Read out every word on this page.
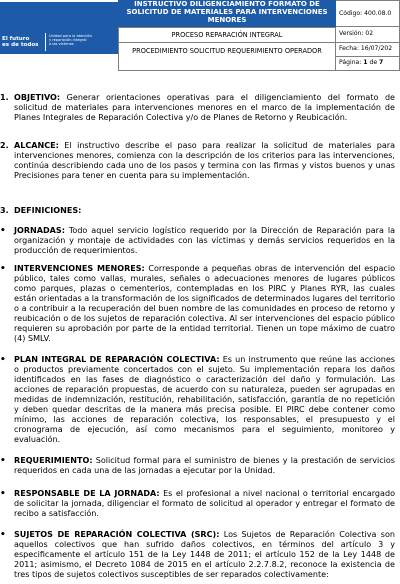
El futuro
es de todos
Unidad para la atención
y reparación integral
a las víctimas
INSTRUCTIVO DILIGENCIAMIENTO FORMATO DE SOLICITUD DE MATERIALES PARA INTERVENCIONES MENORES
PROCESO REPARACIÓN INTEGRAL
PROCEDIMIENTO SOLICITUD REQUERIMIENTO OPERADOR
Código: 400.08.0
Versión: 02
Fecha: 16/07/202
Página: 1 de 7
1. OBJETIVO: Generar orientaciones operativas para el diligenciamiento del formato de solicitud de materiales para intervenciones menores en el marco de la implementación de Planes Integrales de Reparación Colectiva y/o de Planes de Retorno y Reubicación.
2. ALCANCE: El instructivo describe el paso para realizar la solicitud de materiales para intervenciones menores, comienza con la descripción de los criterios para las intervenciones, continúa describiendo cada uno de los pasos y termina con las firmas y vistos buenos y unas Precisiones para tener en cuenta para su implementación.
3. DEFINICIONES:
• JORNADAS: Todo aquel servicio logístico requerido por la Dirección de Reparación para la organización y montaje de actividades con las víctimas y demás servicios requeridos en la producción de requerimientos.
• INTERVENCIONES MENORES: Corresponde a pequeñas obras de intervención del espacio público, tales como vallas, murales, señales o adecuaciones menores de lugares públicos como parques, plazas o cementerios, contempladas en los PIRC y Planes RYR, las cuales están orientadas a la transformación de los significados de determinados lugares del territorio o a contribuir a la recuperación del buen nombre de las comunidades en proceso de retorno y reubicación o de los sujetos de reparación colectiva. Al ser intervenciones del espacio público requieren su aprobación por parte de la entidad territorial. Tienen un tope máximo de cuatro (4) SMLV.
• PLAN INTEGRAL DE REPARACIÓN COLECTIVA: Es un instrumento que reúne las acciones o productos previamente concertados con el sujeto. Su implementación repara los daños identificados en las fases de diagnóstico o caracterización del daño y formulación. Las acciones de reparación propuestas, de acuerdo con su naturaleza, pueden ser agrupadas en medidas de indemnización, restitución, rehabilitación, satisfacción, garantía de no repetición y deben quedar descritas de la manera más precisa posible. El PIRC debe contener como mínimo, las acciones de reparación colectiva, los responsables, el presupuesto y el cronograma de ejecución, así como mecanismos para el seguimiento, monitoreo y evaluación.
• REQUERIMIENTO: Solicitud formal para el suministro de bienes y la prestación de servicios requeridos en cada una de las jornadas a ejecutar por la Unidad.
• RESPONSABLE DE LA JORNADA: Es el profesional a nivel nacional o territorial encargado de solicitar la jornada, diligenciar el formato de solicitud al operador y entregar el formato de recibo a satisfacción.
• SUJETOS DE REPARACIÓN COLECTIVA (SRC): Los Sujetos de Reparación Colectiva son aquellos colectivos que han sufrido daños colectivos, en términos del artículo 3 y especificamente el artículo 151 de la Ley 1448 de 2011; el artículo 152 de la Ley 1448 de 2011; asimismo, el Decreto 1084 de 2015 en el artículo 2.2.7.8.2, reconoce la existencia de tres tipos de sujetos colectivos susceptibles de ser reparados colectivamente:
